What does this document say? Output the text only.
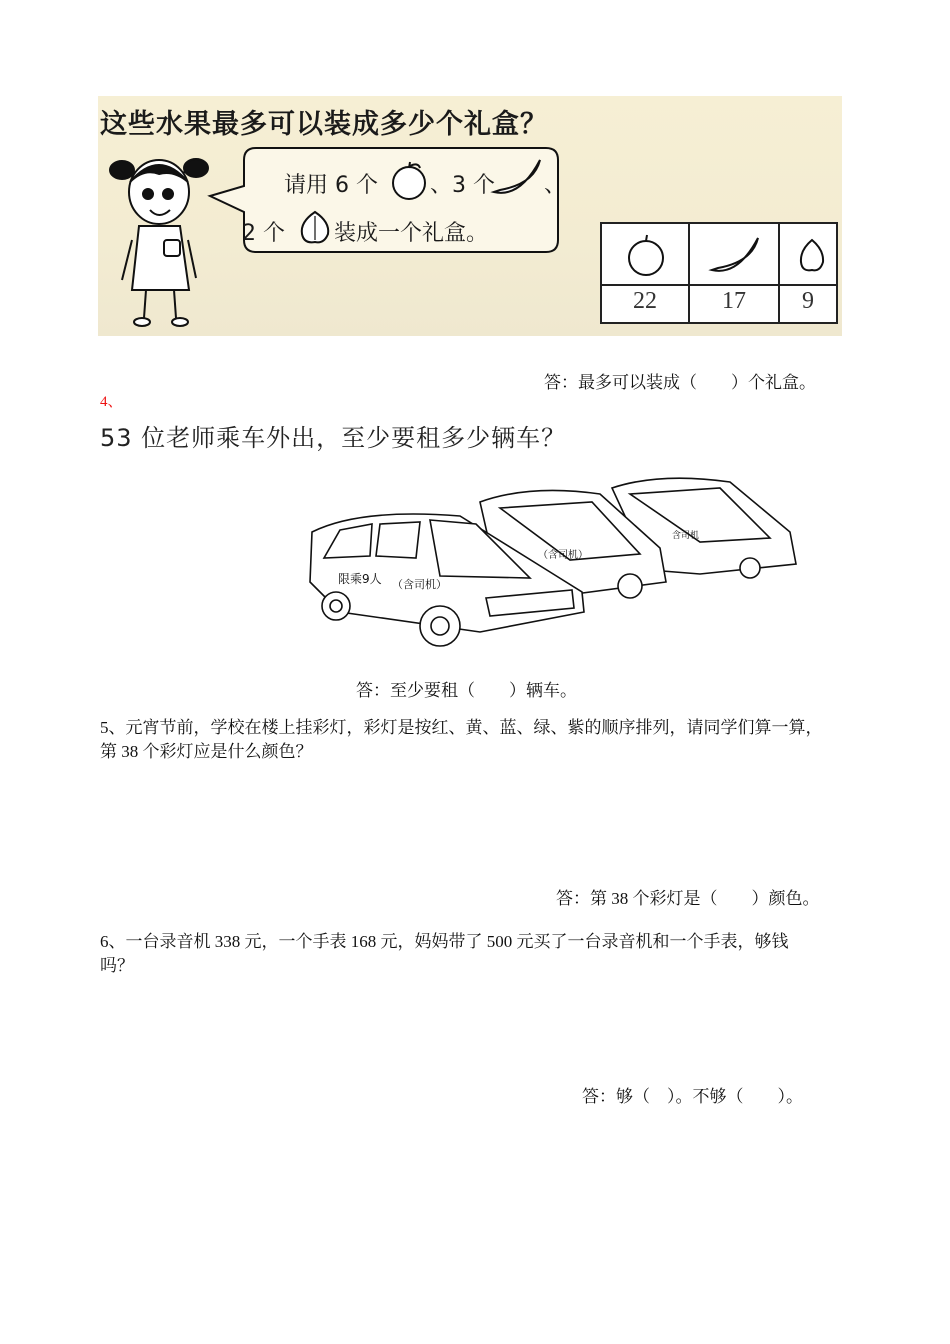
这些水果最多可以装成多少个礼盒？
请用 6 个 、3 个 、
2 个 装成一个礼盒。
22	17	9
答：最多可以装成（　　）个礼盒。
4、
53 位老师乘车外出，至少要租多少辆车？
限乘9人 （含司机）
（含司机）
含司机
答：至少要租（　　）辆车。
5、元宵节前，学校在楼上挂彩灯，彩灯是按红、黄、蓝、绿、紫的顺序排列，请同学们算一算，
第 38 个彩灯应是什么颜色？
答：第 38 个彩灯是（　　）颜色。
6、一台录音机 338 元，一个手表 168 元，妈妈带了 500 元买了一台录音机和一个手表，够钱
吗？
答：够（　）。不够（　　）。
